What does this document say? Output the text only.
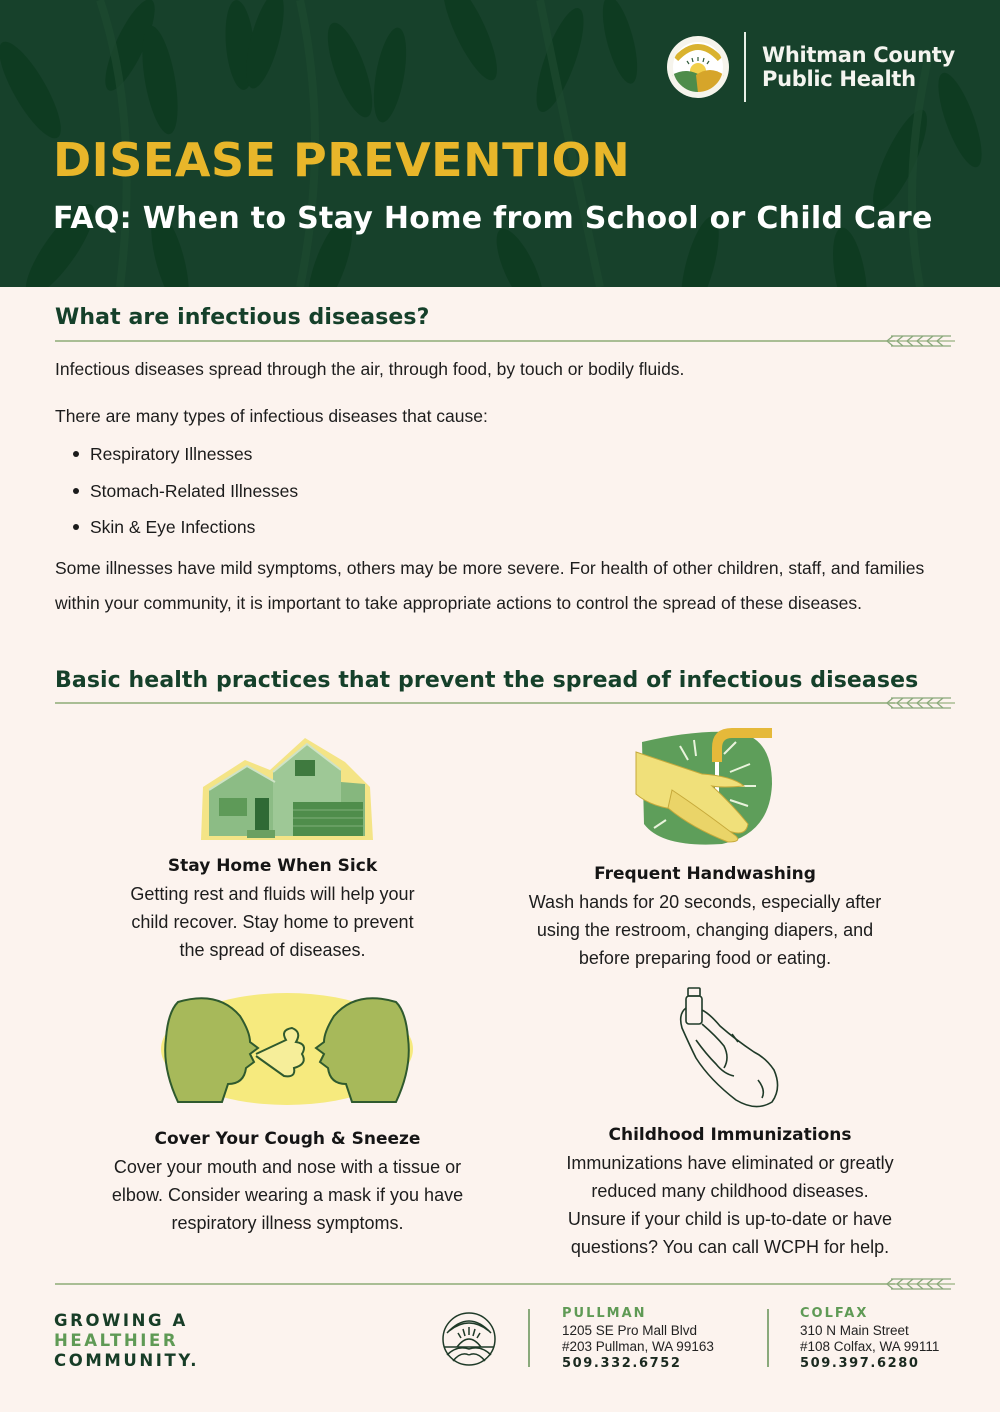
Whitman County
Public Health
DISEASE PREVENTION
FAQ: When to Stay Home from School or Child Care
What are infectious diseases?
Infectious diseases spread through the air, through food, by touch or bodily fluids.
There are many types of infectious diseases that cause:
Respiratory Illnesses
Stomach-Related Illnesses
Skin & Eye Infections
Some illnesses have mild symptoms, others may be more severe. For health of other children, staff, and families within your community, it is important to take appropriate actions to control the spread of these diseases.
Basic health practices that prevent the spread of infectious diseases
Stay Home When Sick
Getting rest and fluids will help your
child recover. Stay home to prevent
the spread of diseases.
Frequent Handwashing
Wash hands for 20 seconds, especially after
using the restroom, changing diapers, and
before preparing food or eating.
Cover Your Cough & Sneeze
Cover your mouth and nose with a tissue or
elbow. Consider wearing a mask if you have
respiratory illness symptoms.
Childhood Immunizations
Immunizations have eliminated or greatly
reduced many childhood diseases.
Unsure if your child is up-to-date or have
questions? You can call WCPH for help.
GROWING A
HEALTHIER
COMMUNITY.
PULLMAN
1205 SE Pro Mall Blvd
#203 Pullman, WA 99163
509.332.6752
COLFAX
310 N Main Street
#108 Colfax, WA 99111
509.397.6280
